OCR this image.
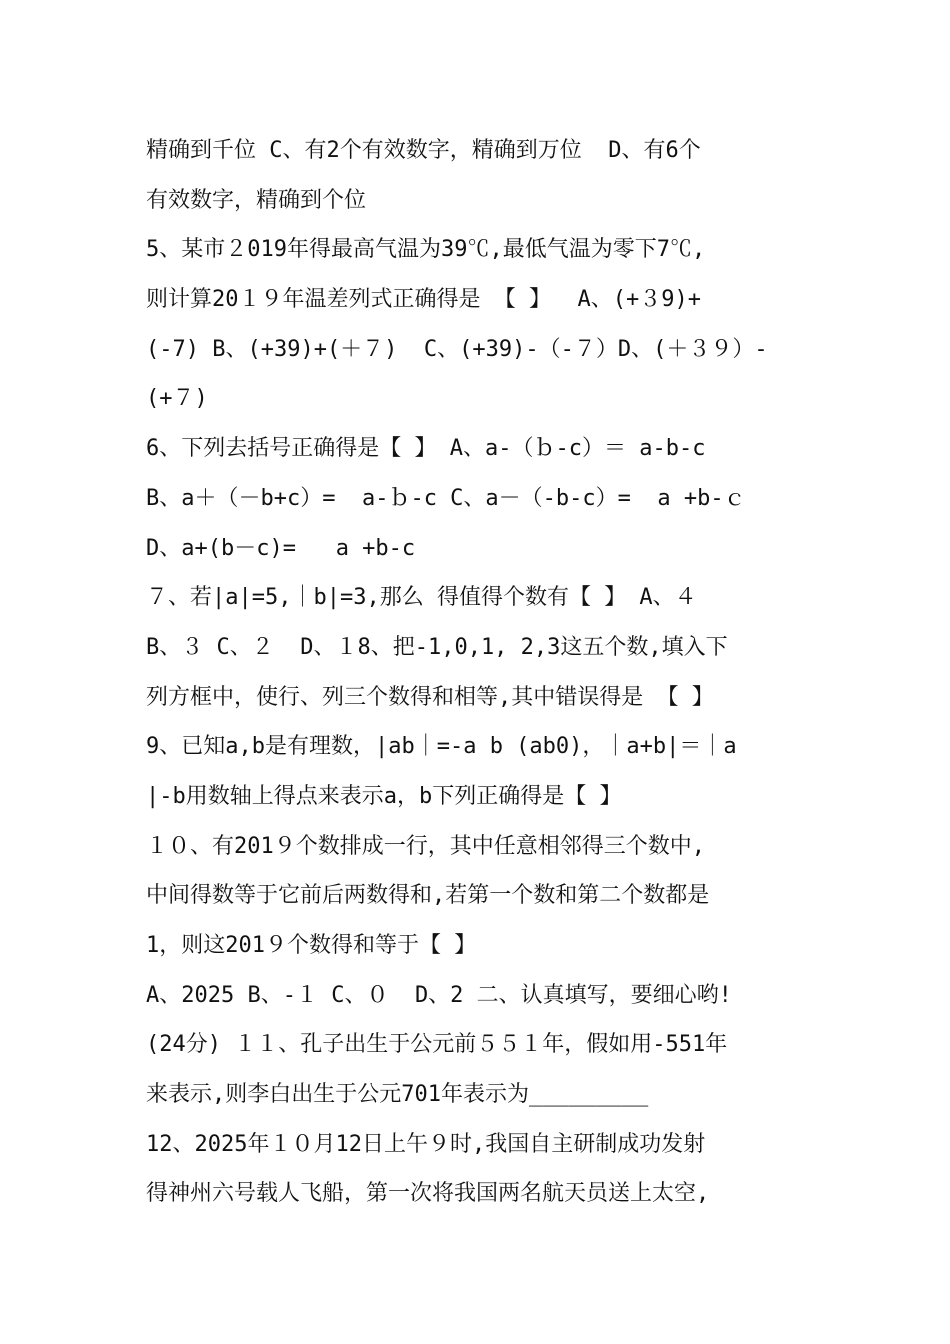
精确到千位 C、有2个有效数字，精确到万位  D、有6个
有效数字，精确到个位
5、某市２019年得最高气温为39℃,最低气温为零下7℃,
则计算20１９年温差列式正确得是 【 】  A、(+３9)+
(-7) B、(+39)+(＋７)  C、(+39)-（-７）D、(＋３９）-
(+７)
6、下列去括号正确得是【 】 A、a-（ｂ-c）＝ a-b-c
B、a＋（－b+c）=  a-ｂ-c C、a－（-b-c）=  a +b-ｃ
D、a+(b－c)=   a +b-c
７、若|a|=5,｜b|=3,那么 得值得个数有【 】 A、４
B、３ C、２  D、１8、把-1,0,1, 2,3这五个数,填入下
列方框中，使行、列三个数得和相等,其中错误得是 【 】
9、已知a,b是有理数，|ab｜=-a b (ab0)，｜a+b|＝｜a
|-b用数轴上得点来表示a，b下列正确得是【 】
１０、有201９个数排成一行，其中任意相邻得三个数中,
中间得数等于它前后两数得和,若第一个数和第二个数都是
1，则这201９个数得和等于【 】
A、2025 B、-１ C、０  D、2 二、认真填写，要细心哟!
(24分) １１、孔子出生于公元前５５１年，假如用-551年
来表示,则李白出生于公元701年表示为_________
12、2025年１０月12日上午９时,我国自主研制成功发射
得神州六号载人飞船，第一次将我国两名航天员送上太空,
